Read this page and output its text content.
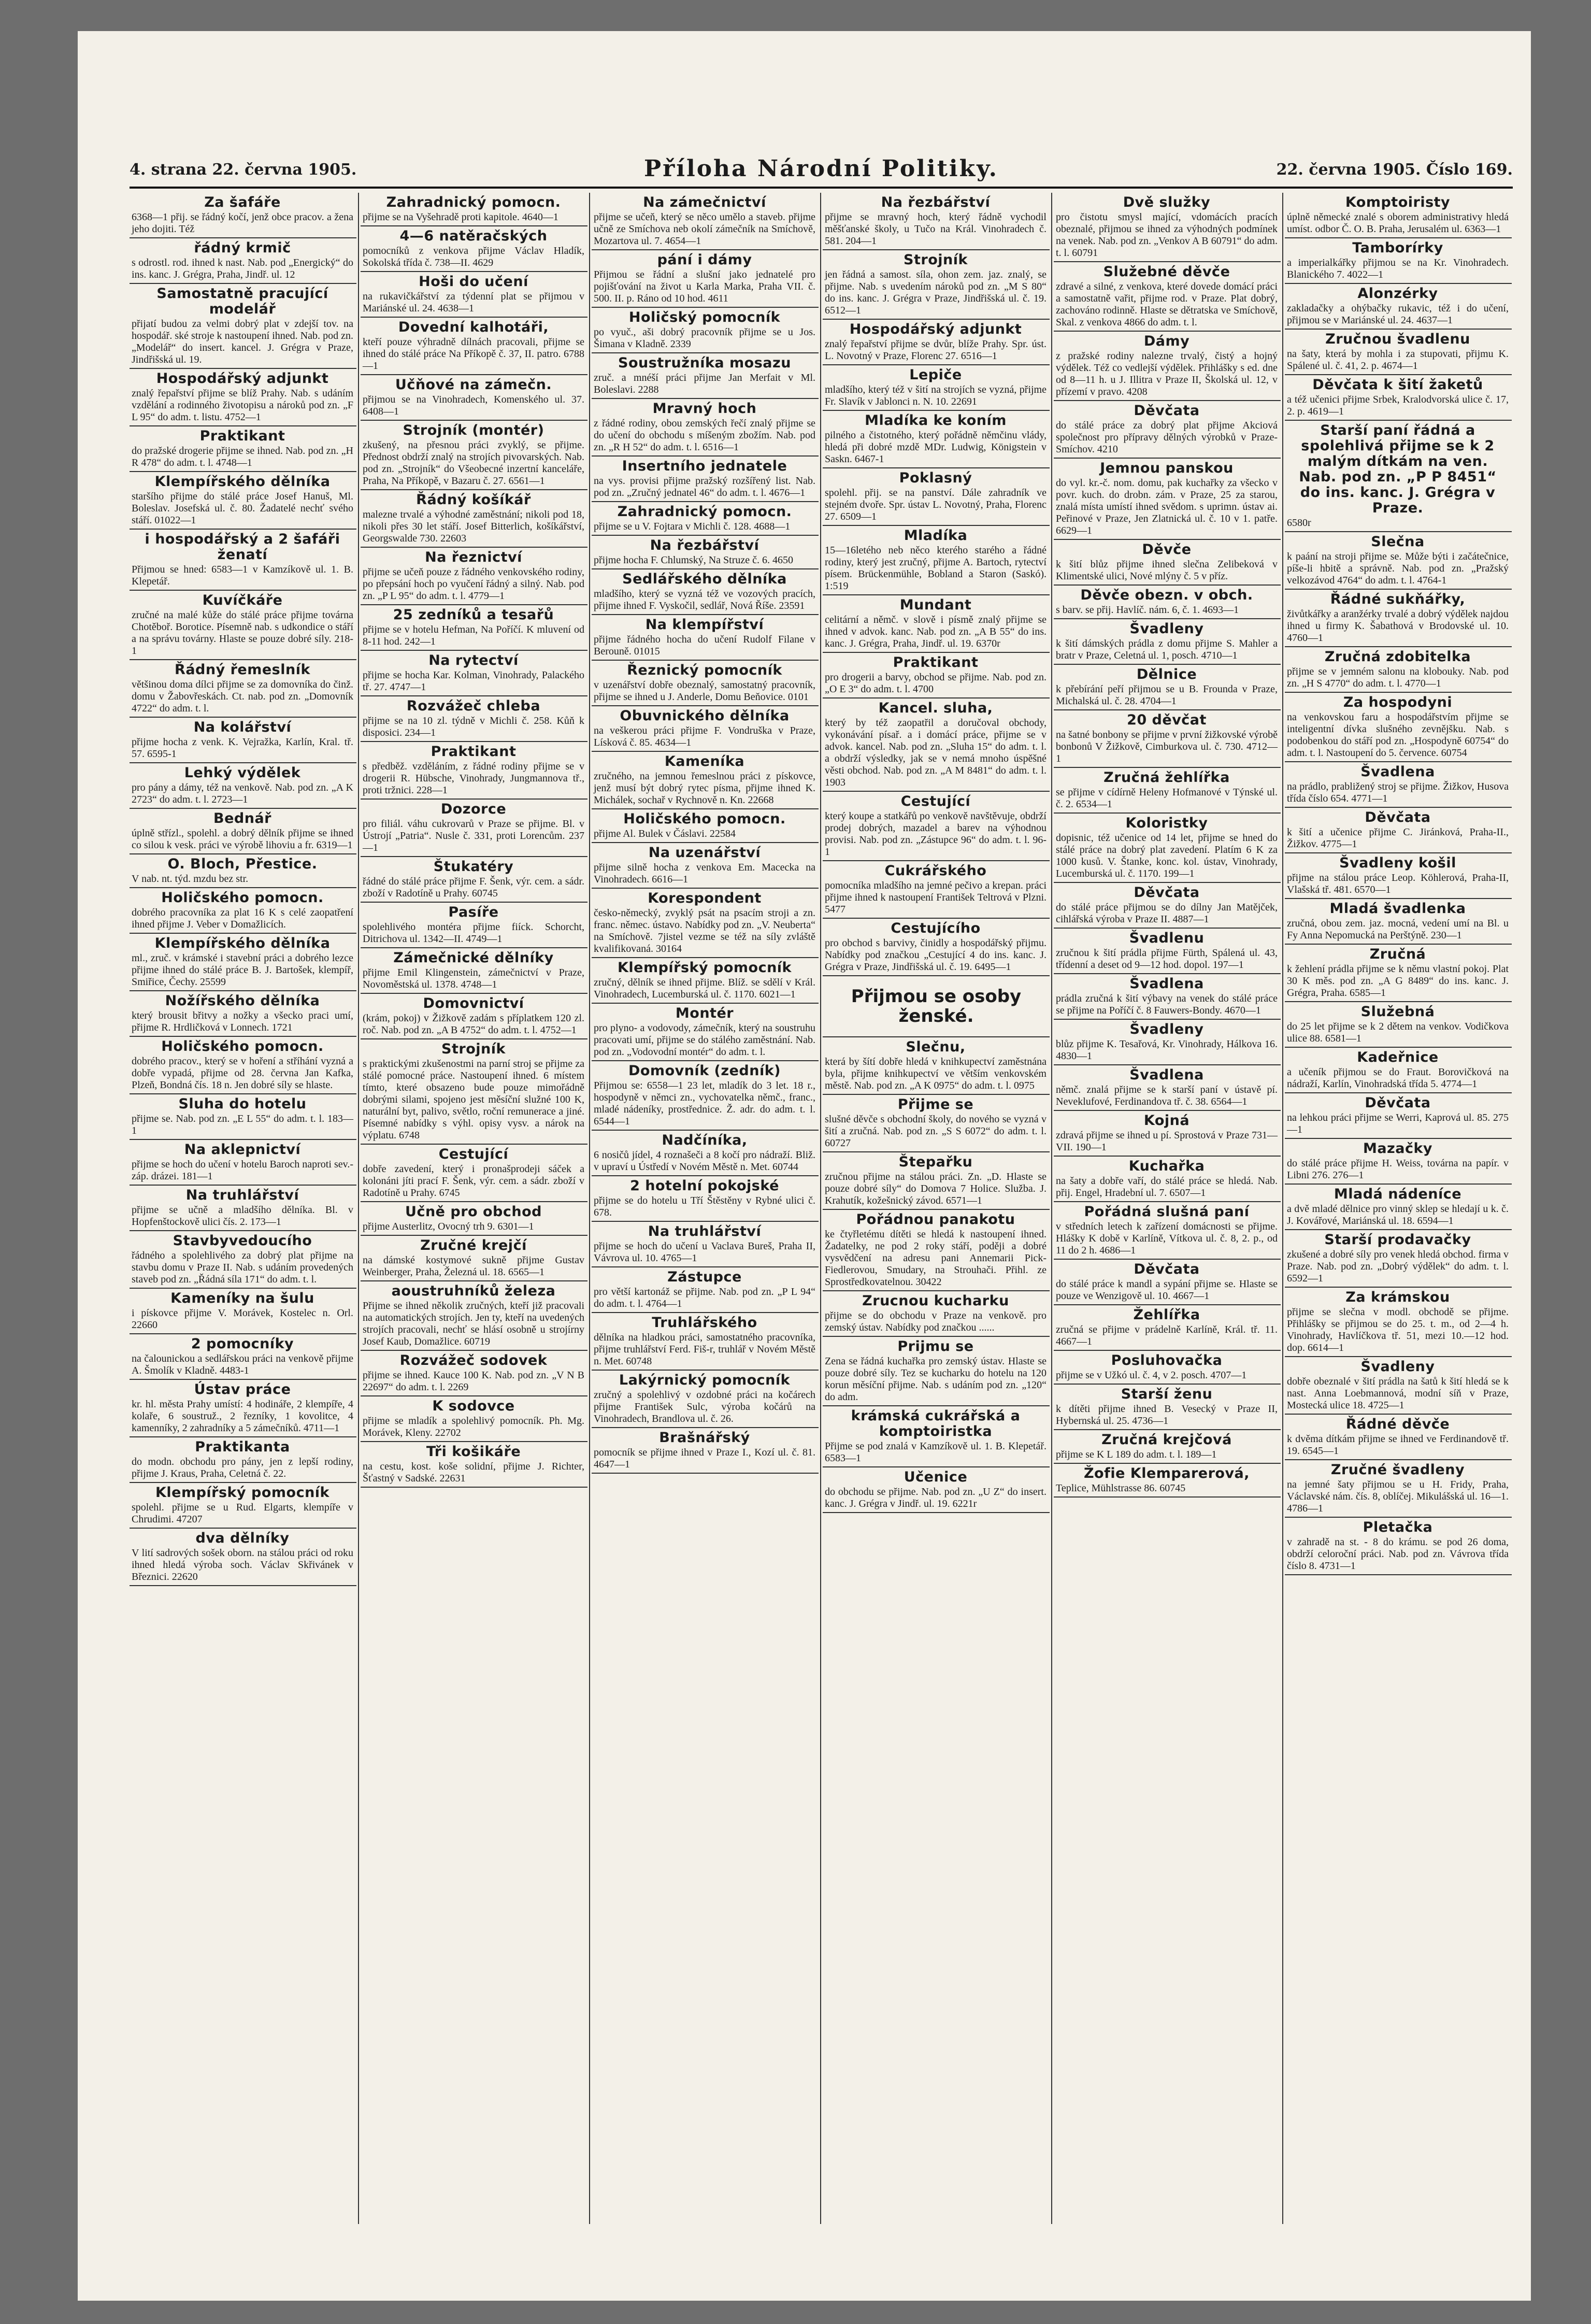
4. strana 22. června 1905.	Příloha Národní Politiky.	22. června 1905. Číslo 169.
Za šafáře

6368—1 přij. se řádný kočí, jenž obce pracov. a žena jeho dojiti. Též

řádný krmič

s odrostl. rod. ihned k nast. Nab. pod „Energický“ do ins. kanc. J. Grégra, Praha, Jindř. ul. 12

Samostatně pracující modelář

přijatí budou za velmi dobrý plat v zdejší tov. na hospodář. ské stroje k nastoupení ihned. Nab. pod zn. „Modelář“ do insert. kancel. J. Grégra v Praze, Jindřišská ul. 19.

Hospodářský adjunkt

znalý řepařství přijme se blíž Prahy. Nab. s udáním vzdělání a rodinného životopisu a nároků pod zn. „F L 95“ do adm. t. listu. 4752—1

Praktikant

do pražské drogerie přijme se ihned. Nab. pod zn. „H R 478“ do adm. t. l. 4748—1

Klempířského dělníka

staršího přijme do stálé práce Josef Hanuš, Ml. Boleslav. Josefská ul. č. 80. Žadatelé nechť svého stáří. 01022—1

i hospodářský a 2 šafáři ženatí

Přijmou se hned: 6583—1 v Kamzíkově ul. 1. B. Klepetář.

Kuvíčkáře

zručné na malé kůže do stálé práce přijme továrna Chotěboř. Borotice. Písemně nab. s udkondice o stáří a na správu továrny. Hlaste se pouze dobré síly. 218-1

Řádný řemeslník

většinou doma dílci přijme se za domovníka do činž. domu v Žabovřeskách. Ct. nab. pod zn. „Domovník 4722“ do adm. t. l.

Na kolářství

přijme hocha z venk. K. Vejražka, Karlín, Kral. tř. 57. 6595-1

Lehký výdělek

pro pány a dámy, též na venkově. Nab. pod zn. „A K 2723“ do adm. t. l. 2723—1

Bednář

úplně střízl., spolehl. a dobrý dělník přijme se ihned co silou k vesk. práci ve výrobě lihoviu a fr. 6319—1

O. Bloch, Přestice.

V nab. nt. týd. mzdu bez str.

Holičského pomocn.

dobrého pracovníka za plat 16 K s celé zaopatření ihned přijme J. Veber v Domažlicích.

Klempířského dělníka

ml., zruč. v krámské i stavební práci a dobrého lezce přijme ihned do stálé práce B. J. Bartošek, klempíř, Smiřice, Čechy. 25599

Nožířského dělníka

který brousit břitvy a nožky a všecko praci umí, přijme R. Hrdličková v Lonnech. 1721

Holičského pomocn.

dobrého pracov., který se v hoření a stříhání vyzná a dobře vypadá, přijme od 28. června Jan Kafka, Plzeň, Bondná čís. 18 n. Jen dobré síly se hlaste.

Sluha do hotelu

přijme se. Nab. pod zn. „E L 55“ do adm. t. l. 183—1

Na aklepnictví

přijme se hoch do učení v hotelu Baroch naproti sev.-záp. drázei. 181—1

Na truhlářství

přijme se učně a mladšího dělníka. Bl. v Hopfenštockově ulici čís. 2. 173—1

Stavbyvedoucího

řádného a spolehlivého za dobrý plat přijme na stavbu domu v Praze II. Nab. s udáním provedených staveb pod zn. „Řádná síla 171“ do adm. t. l.

Kameníky na šulu

i pískovce přijme V. Morávek, Kostelec n. Orl. 22660

2 pomocníky

na čalounickou a sedlářskou práci na venkově přijme A. Šmolík v Kladně. 4483-1

Ústav práce

kr. hl. města Prahy umístí: 4 hodináře, 2 klempíře, 4 kolaře, 6 soustruž., 2 řezníky, 1 kovolitce, 4 kamenníky, 2 zahradníky a 5 zámečníků. 4711—1

Praktikanta

do modn. obchodu pro pány, jen z lepší rodiny, přijme J. Kraus, Praha, Celetná č. 22.

Klempířský pomocník

spolehl. přijme se u Rud. Elgarts, klempíře v Chrudimi. 47207

dva dělníky

V lití sadrových sošek oborn. na stálou práci od roku ihned hledá výroba soch. Václav Skřivánek v Březnici. 22620

Zahradnický pomocn.

přijme se na Vyšehradě proti kapitole. 4640—1

4—6 natěračských

pomocníků z venkova přijme Václav Hladík, Sokolská třída č. 738—II. 4629

Hoši do učení

na rukavičkářství za týdenní plat se přijmou v Mariánské ul. 24. 4638—1

Dovední kalhotáři,

kteří pouze výhradně dílnách pracovali, přijme se ihned do stálé práce Na Příkopě č. 37, II. patro. 6788—1

Učňové na zámečn.

přijmou se na Vinohradech, Komenského ul. 37. 6408—1

Strojník (montér)

zkušený, na přesnou práci zvyklý, se přijme. Přednost obdrží znalý na strojích pivovarských. Nab. pod zn. „Strojník“ do Všeobecné inzertní kanceláře, Praha, Na Příkopě, v Bazaru č. 27. 6561—1

Řádný košíkář

malezne trvalé a výhodné zaměstnání; nikoli pod 18, nikoli přes 30 let stáří. Josef Bitterlich, košíkářství, Georgswalde 730. 22603

Na řeznictví

přijme se učeň pouze z řádného venkovského rodiny, po přepsání hoch po vyučení řádný a silný. Nab. pod zn. „P L 95“ do adm. t. l. 4779—1

25 zedníků a tesařů

přijme se v hotelu Hefman, Na Poříčí. K mluvení od 8-11 hod. 242—1

Na rytectví

přijme se hocha Kar. Kolman, Vinohrady, Palackého tř. 27. 4747—1

Rozvážeč chleba

přijme se na 10 zl. týdně v Michli č. 258. Kůň k disposici. 234—1

Praktikant

s předběž. vzděláním, z řádné rodiny přijme se v drogerii R. Hübsche, Vinohrady, Jungmannova tř., proti tržnici. 228—1

Dozorce

pro filiál. váhu cukrovarů v Praze se přijme. Bl. v Ústrojí „Patria“. Nusle č. 331, proti Lorencům. 237—1

Štukatéry

řádné do stálé práce přijme F. Šenk, výr. cem. a sádr. zboží v Radotíně u Prahy. 60745

Pasíře

spolehlivého montéra přijme fiíck. Schorcht, Ditrichova ul. 1342—II. 4749—1

Zámečnické dělníky

přijme Emil Klingenstein, zámečnictví v Praze, Novoměstská ul. 1378. 4748—1

Domovnictví

(krám, pokoj) v Žižkově zadám s příplatkem 120 zl. roč. Nab. pod zn. „A B 4752“ do adm. t. l. 4752—1

Strojník

s praktickými zkušenostmi na parní stroj se přijme za stálé pomocné práce. Nastoupení ihned. 6 místem tímto, které obsazeno bude pouze mimořádně dobrými silami, spojeno jest měsíční služné 100 K, naturální byt, palivo, světlo, roční remunerace a jiné. Písemné nabídky s výhl. opisy vysv. a nárok na výplatu. 6748

Cestující

dobře zavedení, který i pronašprodeji sáček a kolonáni jíti prací F. Šenk, výr. cem. a sádr. zboží v Radotíně u Prahy. 6745

Učně pro obchod

přijme Austerlitz, Ovocný trh 9. 6301—1

Zručné krejčí

na dámské kostymové sukně přijme Gustav Weinberger, Praha, Železná ul. 18. 6565—1

aoustruhníků železa

Přijme se ihned několik zručných, kteří již pracovali na automatických strojích. Jen ty, kteří na uvedených strojích pracovali, nechť se hlásí osobně u strojírny Josef Kaub, Domažlice. 60719

Rozvážeč sodovek

přijme se ihned. Kauce 100 K. Nab. pod zn. „V N B 22697“ do adm. t. l. 2269

K sodovce

přijme se mladík a spolehlivý pomocník. Ph. Mg. Morávek, Kleny. 22702

Tři košikáře

na cestu, kost. koše solidní, přijme J. Richter, Šťastný v Sadské. 22631

Na zámečnictví

přijme se učeň, který se něco umělo a staveb. přijme učně ze Smíchova neb okolí zámečník na Smíchově, Mozartova ul. 7. 4654—1

pání i dámy

Přijmou se řádní a slušní jako jednatelé pro pojišťování na život u Karla Marka, Praha VII. č. 500. II. p. Ráno od 10 hod. 4611

Holičský pomocník

po vyuč., aši dobrý pracovník přijme se u Jos. Šimana v Kladně. 2339

Soustružníka mosazu

zruč. a mnéší práci přijme Jan Merfait v Ml. Boleslavi. 2288

Mravný hoch

z řádné rodiny, obou zemských řečí znalý přijme se do učení do obchodu s míšeným zbožím. Nab. pod zn. „R H 52“ do adm. t. l. 6516—1

Insertního jednatele

na vys. provisi přijme pražský rozšířený list. Nab. pod zn. „Zručný jednatel 46“ do adm. t. l. 4676—1

Zahradnický pomocn.

přijme se u V. Fojtara v Michli č. 128. 4688—1

Na řezbářství

přijme hocha F. Chlumský, Na Struze č. 6. 4650

Sedlářského dělníka

mladšího, který se vyzná též ve vozových pracích, přijme ihned F. Vyskočil, sedlář, Nová Říše. 23591

Na klempířství

přijme řádného hocha do učení Rudolf Filane v Berouně. 01015

Řeznický pomocník

v uzenářství dobře obeznalý, samostatný pracovník, přijme se ihned u J. Anderle, Domu Beňovice. 0101

Obuvnického dělníka

na veškerou práci přijme F. Vondruška v Praze, Lísková č. 85. 4634—1

Kameníka

zručného, na jemnou řemeslnou práci z pískovce, jenž musí být dobrý rytec písma, přijme ihned K. Michálek, sochař v Rychnově n. Kn. 22668

Holičského pomocn.

přijme Al. Bulek v Čáslavi. 22584

Na uzenářství

přijme silně hocha z venkova Em. Macecka na Vinohradech. 6616—1

Korespondent

česko-německý, zvyklý psát na psacím stroji a zn. franc. němec. ústavo. Nabídky pod zn. „V. Neuberta“ na Smíchově. 7jistel vezme se též na síly zvláště kvalifikovaná. 30164

Klempířský pomocník

zručný, dělník se ihned přijme. Blíž. se sdělí v Král. Vinohradech, Lucemburská ul. č. 1170. 6021—1

Montér

pro plyno- a vodovody, zámečník, který na soustruhu pracovati umí, přijme se do stálého zaměstnání. Nab. pod zn. „Vodovodní montér“ do adm. t. l.

Domovník (zedník)

Přijmou se: 6558—1 23 let, mladík do 3 let. 18 r., hospodyně v němci zn., vychovatelka němč., franc., mladé nádeníky, prostřednice. Ž. adr. do adm. t. l. 6544—1

Nadčíníka,

6 nosičů jídel, 4 roznašeči a 8 kočí pro nádraží. Bliž. v upraví u Ústředí v Novém Městě n. Met. 60744

2 hotelní pokojské

přijme se do hotelu u Tří Štěstěny v Rybné ulici č. 678.

Na truhlářství

přijme se hoch do učení u Vaclava Bureš, Praha II, Vávrova ul. 10. 4765—1

Zástupce

pro větší kartonáž se přijme. Nab. pod zn. „P L 94“ do adm. t. l. 4764—1

Truhlářského

dělníka na hladkou práci, samostatného pracovníka, přijme truhlářství Ferd. Fiš-r, truhlář v Novém Městě n. Met. 60748

Lakýrnický pomocník

zručný a spolehlivý v ozdobné práci na kočárech přijme František Sulc, výroba kočárů na Vinohradech, Brandlova ul. č. 26.

Brašnářský

pomocník se přijme ihned v Praze I., Kozí ul. č. 81. 4647—1

Na řezbářství

přijme se mravný hoch, který řádně vychodil měšťanské školy, u Tučo na Král. Vinohradech č. 581. 204—1

Strojník

jen řádná a samost. síla, ohon zem. jaz. znalý, se přijme. Nab. s uvedením nároků pod zn. „M S 80“ do ins. kanc. J. Grégra v Praze, Jindřišská ul. č. 19. 6512—1

Hospodářský adjunkt

znalý řepařství přijme se dvůr, blíže Prahy. Spr. úst. L. Novotný v Praze, Florenc 27. 6516—1

Lepiče

mladšího, který též v šití na strojích se vyzná, přijme Fr. Slavík v Jablonci n. N. 10. 22691

Mladíka ke koním

pilného a čistotného, který pořádně němčinu vlády, hledá při dobré mzdě MDr. Ludwig, Königstein v Saskn. 6467-1

Poklasný

spolehl. přij. se na panství. Dále zahradník ve stejném dvoře. Spr. ústav L. Novotný, Praha, Florenc 27. 6509—1

Mladíka

15—16letého neb něco kterého starého a řádné rodiny, který jest zručný, přijme A. Bartoch, rytectví písem. Brückenmühle, Bobland a Staron (Saskó). 1:519

Mundant

celitární a němč. v slově i písmě znalý přijme se ihned v advok. kanc. Nab. pod zn. „A B 55“ do ins. kanc. J. Grégra, Praha, Jindř. ul. 19. 6370r

Praktikant

pro drogerii a barvy, obchod se přijme. Nab. pod zn. „O E 3“ do adm. t. l. 4700

Kancel. sluha,

který by též zaopatřil a doručoval obchody, vykonávání písař. a i domácí práce, přijme se v advok. kancel. Nab. pod zn. „Sluha 15“ do adm. t. l. a obdrží výsledky, jak se v nemá mnoho úspěšné věsti obchod. Nab. pod zn. „A M 8481“ do adm. t. l. 1903

Cestující

který koupe a statkářů po venkově navštěvuje, obdrží prodej dobrých, mazadel a barev na výhodnou provisi. Nab. pod zn. „Zástupce 96“ do adm. t. l. 96-1

Cukrářského

pomocníka mladšího na jemné pečivo a krepan. práci přijme ihned k nastoupení František Teltrová v Plzni. 5477

Cestujícího

pro obchod s barvivy, činidly a hospodářský přijmu. Nabídky pod značkou „Cestující 4 do ins. kanc. J. Grégra v Praze, Jindřišská ul. č. 19. 6495—1

Přijmou se osoby ženské.
Slečnu,

která by šítí dobře hledá v knihkupectví zaměstnána byla, přijme knihkupectví ve větším venkovském městě. Nab. pod zn. „A K 0975“ do adm. t. l. 0975

Přijme se

slušné děvče s obchodní školy, do nového se vyzná v šití a zručná. Nab. pod zn. „S S 6072“ do adm. t. l. 60727

Štepařku

zručnou přijme na stálou práci. Zn. „D. Hlaste se pouze dobré síly“ do Domova 7 Holice. Služba. J. Krahutík, kožešnický závod. 6571—1

Pořádnou panakotu

ke čtyřletému dítěti se hledá k nastoupení ihned. Žadatelky, ne pod 2 roky stáří, poději a dobré vysvědčení na adresu pani Annemarii Pick-Fiedlerovou, Smudary, na Strouhači. Přihl. ze Sprostředkovatelnou. 30422

Zrucnou kucharku

přijme se do obchodu v Praze na venkově. pro zemský ústav. Nabídky pod značkou ......

Prijmu se

Zena se řádná kuchařka pro zemský ústav. Hlaste se pouze dobré síly. Tez se kucharku do hotelu na 120 korun měsíční přijme. Nab. s udáním pod zn. „120“ do adm.

krámská cukrářská a komptoiristka

Přijme se pod znalá v Kamzíkově ul. 1. B. Klepetář. 6583—1

Učenice

do obchodu se přijme. Nab. pod zn. „U Z“ do insert. kanc. J. Grégra v Jindř. ul. 19. 6221r

Dvě služky

pro čistotu smysl mající, vdomácích pracích obeznalé, přijmou se ihned za výhodných podmínek na venek. Nab. pod zn. „Venkov A B 60791“ do adm. t. l. 60791

Služebné děvče

zdravé a silné, z venkova, které dovede domácí práci a samostatně vařit, přijme rod. v Praze. Plat dobrý, zachováno rodinně. Hlaste se dětratska ve Smíchově, Skal. z venkova 4866 do adm. t. l.

Dámy

z pražské rodiny nalezne trvalý, čistý a hojný výdělek. Též co vedlejší výdělek. Přihlášky s ed. dne od 8—11 h. u J. Illitra v Praze II, Školská ul. 12, v přízemí v pravo. 4208

Děvčata

do stálé práce za dobrý plat přijme Akciová společnost pro přípravy dělných výrobků v Praze-Smíchov. 4210

Jemnou panskou

do vyl. kr.-č. nom. domu, pak kuchařky za všecko v povr. kuch. do drobn. zám. v Praze, 25 za starou, znalá místa umístí ihned svědom. s uprimn. ústav ai. Peřinové v Praze, Jen Zlatnická ul. č. 10 v 1. patře. 6629—1

Děvče

k šití blůz přijme ihned slečna Zelibeková v Klimentské ulici, Nové mlýny č. 5 v příz.

Děvče obezn. v obch.

s barv. se přij. Havlíč. nám. 6, č. 1. 4693—1

Švadleny

k šití dámských prádla z domu přijme S. Mahler a bratr v Praze, Celetná ul. 1, posch. 4710—1

Dělnice

k přebírání peří přijmou se u B. Frounda v Praze, Michalská ul. č. 28. 4704—1

20 děvčat

na šatné bonbony se přijme v první žižkovské výrobě bonbonů V Žižkově, Cimburkova ul. č. 730. 4712—1

Zručná žehlířka

se přijme v cídírně Heleny Hofmanové v Týnské ul. č. 2. 6534—1

Koloristky

dopisnic, též učenice od 14 let, přijme se hned do stálé práce na dobrý plat zavedení. Platím 6 K za 1000 kusů. V. Štanke, konc. kol. ústav, Vinohrady, Lucemburská ul. č. 1170. 199—1

Děvčata

do stálé práce přijmou se do dílny Jan Matějček, cihlářská výroba v Praze II. 4887—1

Švadlenu

zručnou k šití prádla přijme Fürth, Spálená ul. 43, třídenní a deset od 9—12 hod. dopol. 197—1

Švadlena

prádla zručná k šití výbavy na venek do stálé práce se přijme na Poříčí č. 8 Fauwers-Bondy. 4670—1

Švadleny

blůz přijme K. Tesařová, Kr. Vinohrady, Hálkova 16. 4830—1

Švadlena

němč. znalá přijme se k starší paní v ústavě pí. Neveklufové, Ferdinandova tř. č. 38. 6564—1

Kojná

zdravá přijme se ihned u pí. Sprostová v Praze 731—VII. 190—1

Kuchařka

na šaty a dobře vaří, do stálé práce se hledá. Nab. přij. Engel, Hradební ul. 7. 6507—1

Pořádná slušná paní

v středních letech k zařízení domácnosti se přijme. Hlášky K době v Karlíně, Vítkova ul. č. 8, 2. p., od 11 do 2 h. 4686—1

Děvčata

do stálé práce k mandl a sypání přijme se. Hlaste se pouze ve Wenzigově ul. 10. 4667—1

Žehlířka

zručná se přijme v prádelně Karlíně, Král. tř. 11. 4667—1

Posluhovačka

přijme se v Užkó ul. č. 4, v 2. posch. 4707—1

Starší ženu

k dítěti přijme ihned B. Vesecký v Praze II, Hybernská ul. 25. 4736—1

Zručná krejčová

přijme se K L 189 do adm. t. l. 189—1

Žofie Klemparerová,

Teplice, Mühlstrasse 86. 60745

Komptoiristy

úplně německé znalé s oborem administrativy hledá umíst. odbor Č. O. B. Praha, Jerusalém ul. 6363—1

Tamborírky

a imperialkářky přijmou se na Kr. Vinohradech. Blanického 7. 4022—1

Alonzérky

zakladačky a ohýbačky rukavic, též i do učení, přijmou se v Mariánské ul. 24. 4637—1

Zručnou švadlenu

na šaty, která by mohla i za stupovati, přijmu K. Spálené ul. č. 41, 2. p. 4674—1

Děvčata k šití žaketů

a též učenici přijme Srbek, Kralodvorská ulice č. 17, 2. p. 4619—1

Starší paní řádná a spolehlivá přijme se k 2 malým dítkám na ven. Nab. pod zn. „P P 8451“ do ins. kanc. J. Grégra v Praze.

6580r

Slečna

k paání na stroji přijme se. Může býti i začátečnice, píše-li hbitě a správně. Nab. pod zn. „Pražský velkozávod 4764“ do adm. t. l. 4764-1

Řádné sukňářky,

živůtkářky a aranžérky trvalé a dobrý výdělek najdou ihned u firmy K. Šabathová v Brodovské ul. 10. 4760—1

Zručná zdobitelka

přijme se v jemném salonu na klobouky. Nab. pod zn. „H S 4770“ do adm. t. l. 4770—1

Za hospodyni

na venkovskou faru a hospodářstvím přijme se inteligentní dívka slušného zevnějšku. Nab. s podobenkou do stáří pod zn. „Hospodyně 60754“ do adm. t. l. Nastoupení do 5. července. 60754

Švadlena

na prádlo, prabližený stroj se přijme. Žižkov, Husova třída číslo 654. 4771—1

Děvčata

k šití a učenice přijme C. Jiránková, Praha-II., Žižkov. 4775—1

Švadleny košil

přijme na stálou práce Leop. Köhlerová, Praha-II, Vlašská tř. 481. 6570—1

Mladá švadlenka

zručná, obou zem. jaz. mocná, vedení umí na Bl. u Fy Anna Nepomucká na Perštýně. 230—1

Zručná

k žehlení prádla přijme se k němu vlastní pokoj. Plat 30 K měs. pod zn. „A G 8489“ do ins. kanc. J. Grégra, Praha. 6585—1

Služebná

do 25 let přijme se k 2 dětem na venkov. Vodičkova ulice 88. 6581—1

Kadeřnice

a učeník přijmou se do Fraut. Borovičková na nádraží, Karlín, Vinohradská třída 5. 4774—1

Děvčata

na lehkou práci přijme se Werri, Kaprová ul. 85. 275—1

Mazačky

do stálé práce přijme H. Weiss, továrna na papír. v Libni 276. 276—1

Mladá nádeníce

a dvě mladé dělnice pro vinný sklep se hledají u k. č. J. Kovářové, Mariánská ul. 18. 6594—1

Starší prodavačky

zkušené a dobré síly pro venek hledá obchod. firma v Praze. Nab. pod zn. „Dobrý výdělek“ do adm. t. l. 6592—1

Za krámskou

přijme se slečna v modl. obchodě se přijme. Přihlášky se přijmou se do 25. t. m., od 2—4 h. Vinohrady, Havlíčkova tř. 51, mezi 10.—12 hod. dop. 6614—1

Švadleny

dobře obeznalé v šití prádla na šatů k šití hledá se k nast. Anna Loebmannová, modní síň v Praze, Mostecká ulice 18. 4725—1

Řádné děvče

k dvěma dítkám přijme se ihned ve Ferdinandově tř. 19. 6545—1

Zručné švadleny

na jemné šaty přijmou se u H. Fridy, Praha, Václavské nám. čís. 8, oblíčej. Mikulášská ul. 16—1. 4786—1

Pletačka

v zahradě na st. - 8 do krámu. se pod 26 doma, obdrží celoroční práci. Nab. pod zn. Vávrova třída číslo 8. 4731—1
